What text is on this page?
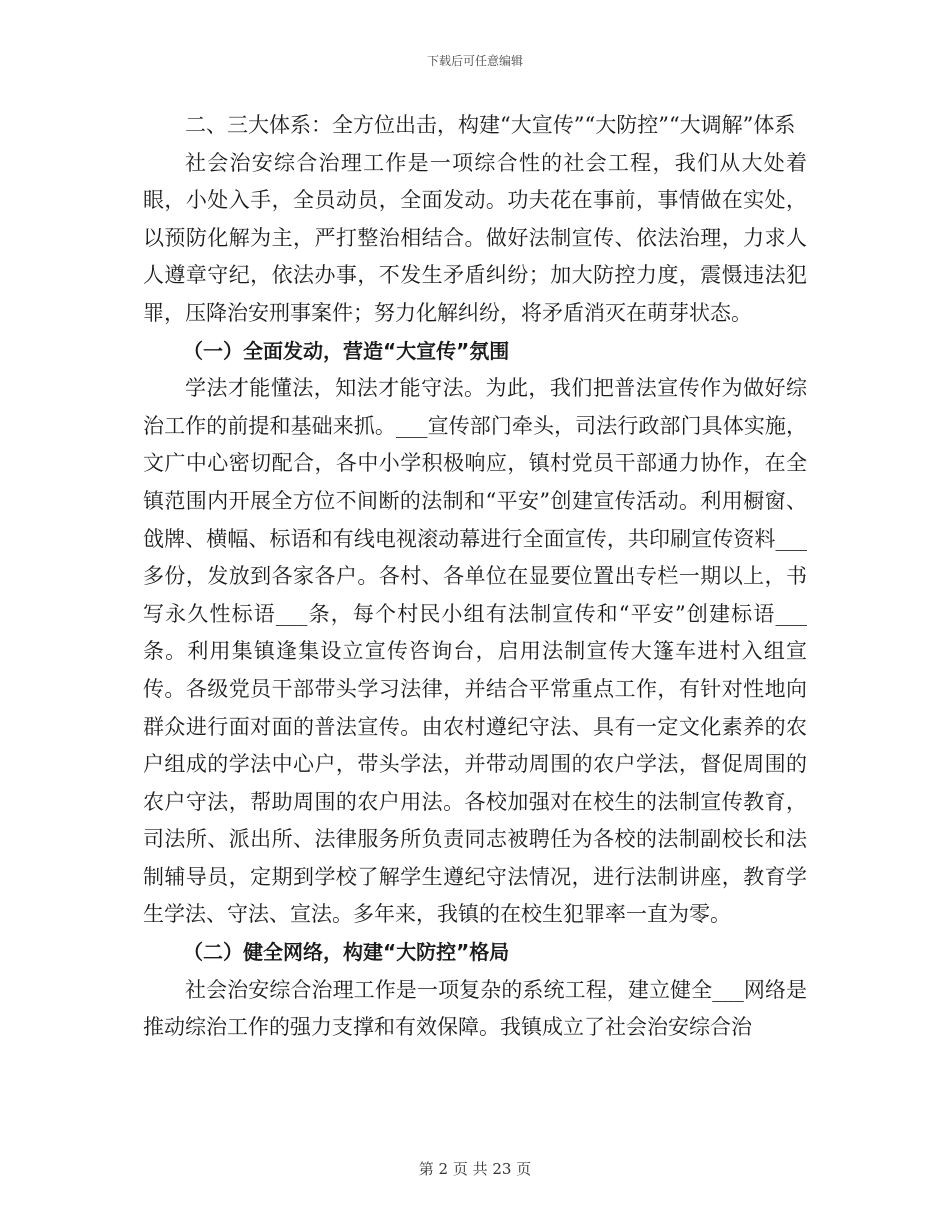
下载后可任意编辑

二、三大体系：全方位出击，构建“大宣传”“大防控”“大调解”体系

社会治安综合治理工作是一项综合性的社会工程，我们从大处着眼，小处入手，全员动员，全面发动。功夫花在事前，事情做在实处，以预防化解为主，严打整治相结合。做好法制宣传、依法治理，力求人人遵章守纪，依法办事，不发生矛盾纠纷；加大防控力度，震慑违法犯罪，压降治安刑事案件；努力化解纠纷，将矛盾消灭在萌芽状态。

（一）全面发动，营造“大宣传”氛围

学法才能懂法，知法才能守法。为此，我们把普法宣传作为做好综治工作的前提和基础来抓。___宣传部门牵头，司法行政部门具体实施，文广中心密切配合，各中小学积极响应，镇村党员干部通力协作，在全镇范围内开展全方位不间断的法制和“平安”创建宣传活动。利用橱窗、戗牌、横幅、标语和有线电视滚动幕进行全面宣传，共印刷宣传资料___多份，发放到各家各户。各村、各单位在显要位置出专栏一期以上，书写永久性标语___条，每个村民小组有法制宣传和“平安”创建标语___条。利用集镇逢集设立宣传咨询台，启用法制宣传大篷车进村入组宣传。各级党员干部带头学习法律，并结合平常重点工作，有针对性地向群众进行面对面的普法宣传。由农村遵纪守法、具有一定文化素养的农户组成的学法中心户，带头学法，并带动周围的农户学法，督促周围的农户守法，帮助周围的农户用法。各校加强对在校生的法制宣传教育，司法所、派出所、法律服务所负责同志被聘任为各校的法制副校长和法制辅导员，定期到学校了解学生遵纪守法情况，进行法制讲座，教育学生学法、守法、宣法。多年来，我镇的在校生犯罪率一直为零。

（二）健全网络，构建“大防控”格局

社会治安综合治理工作是一项复杂的系统工程，建立健全___网络是推动综治工作的强力支撑和有效保障。我镇成立了社会治安综合治

第 2 页 共 23 页
